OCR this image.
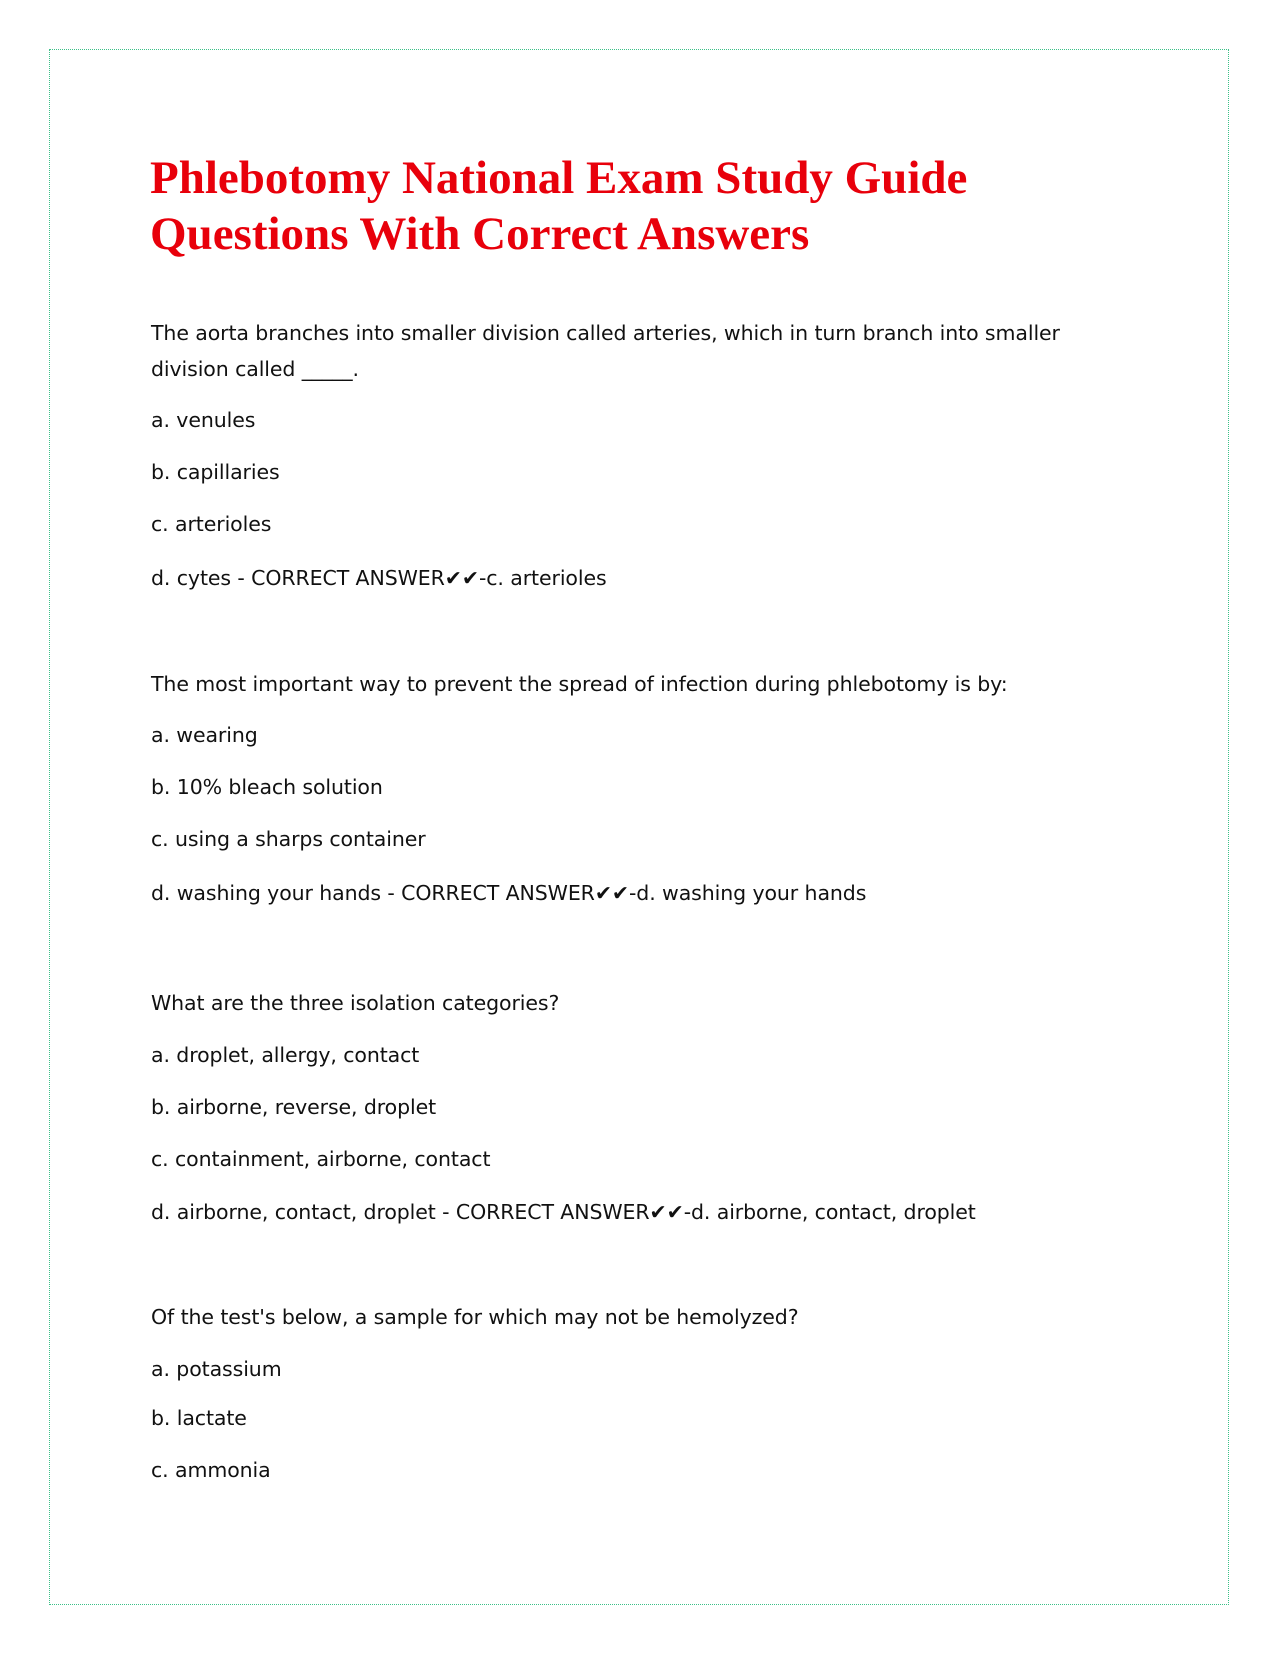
Phlebotomy National Exam Study Guide Questions With Correct Answers

The aorta branches into smaller division called arteries, which in turn branch into smaller division called _____.

a. venules
b. capillaries
c. arterioles
d. cytes - CORRECT ANSWER✔✔-c. arterioles
The most important way to prevent the spread of infection during phlebotomy is by:
a. wearing
b. 10% bleach solution
c. using a sharps container
d. washing your hands - CORRECT ANSWER✔✔-d. washing your hands
What are the three isolation categories?
a. droplet, allergy, contact
b. airborne, reverse, droplet
c. containment, airborne, contact
d. airborne, contact, droplet - CORRECT ANSWER✔✔-d. airborne, contact, droplet
Of the test's below, a sample for which may not be hemolyzed?
a. potassium
b. lactate
c. ammonia
